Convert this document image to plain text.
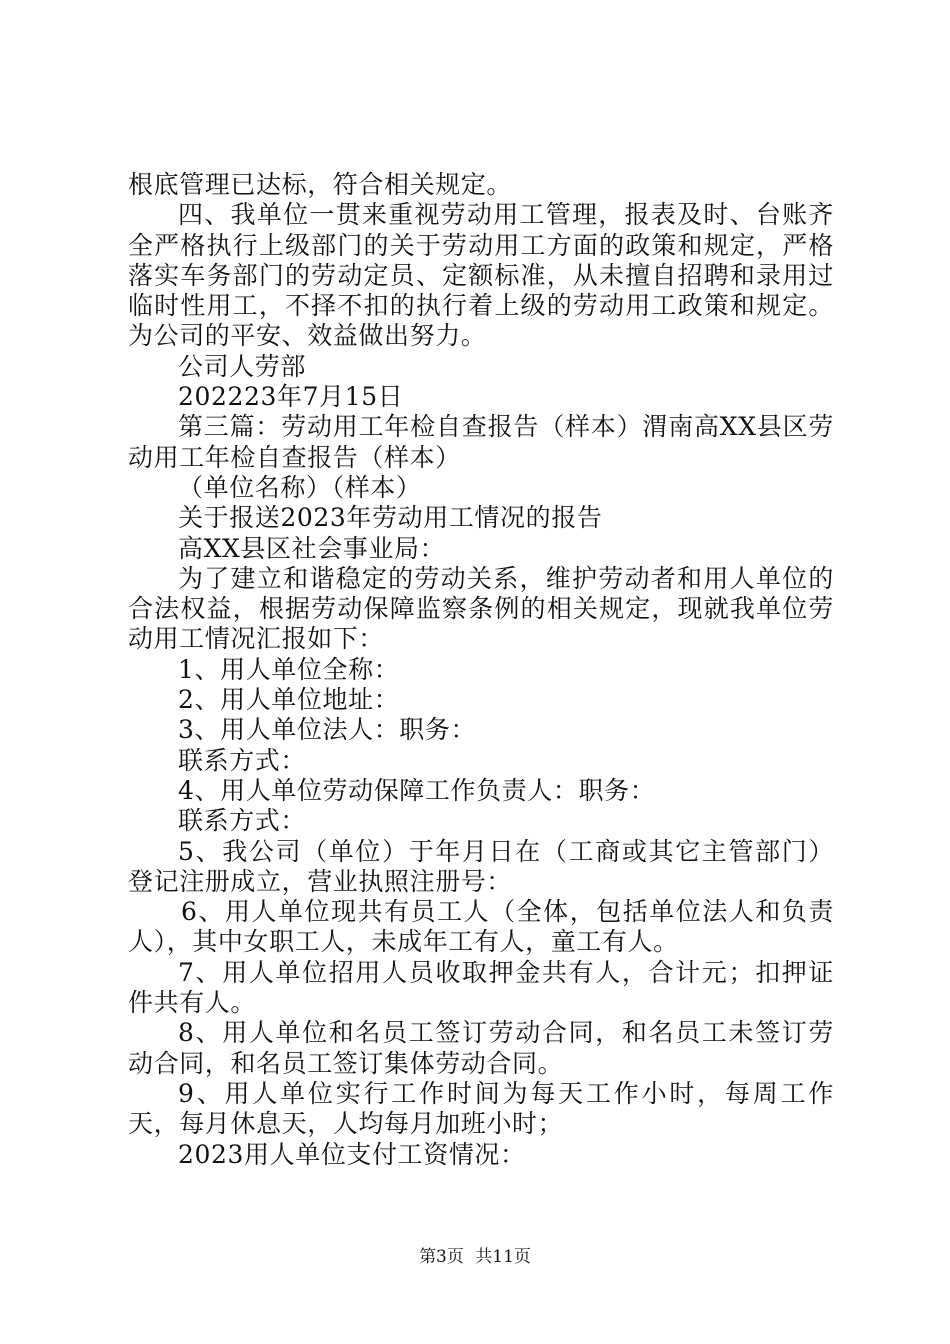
根底管理已达标，符合相关规定。

四、我单位一贯来重视劳动用工管理，报表及时、台账齐全严格执行上级部门的关于劳动用工方面的政策和规定，严格落实车务部门的劳动定员、定额标准，从未擅自招聘和录用过临时性用工，不择不扣的执行着上级的劳动用工政策和规定。为公司的平安、效益做出努力。

公司人劳部

202223年7月15日

第三篇：劳动用工年检自查报告（样本）渭南高XX县区劳动用工年检自查报告（样本）

（单位名称）（样本）

关于报送2023年劳动用工情况的报告

高XX县区社会事业局：

为了建立和谐稳定的劳动关系，维护劳动者和用人单位的合法权益，根据劳动保障监察条例的相关规定，现就我单位劳动用工情况汇报如下：

1、用人单位全称：

2、用人单位地址：

3、用人单位法人：职务：

联系方式：

4、用人单位劳动保障工作负责人：职务：

联系方式：

5、我公司（单位）于年月日在（工商或其它主管部门）登记注册成立，营业执照注册号：

6、用人单位现共有员工人（全体，包括单位法人和负责人），其中女职工人，未成年工有人，童工有人。

7、用人单位招用人员收取押金共有人，合计元；扣押证件共有人。

8、用人单位和名员工签订劳动合同，和名员工未签订劳动合同，和名员工签订集体劳动合同。

9、用人单位实行工作时间为每天工作小时，每周工作天，每月休息天，人均每月加班小时；

2023用人单位支付工资情况：

第3页 共11页
